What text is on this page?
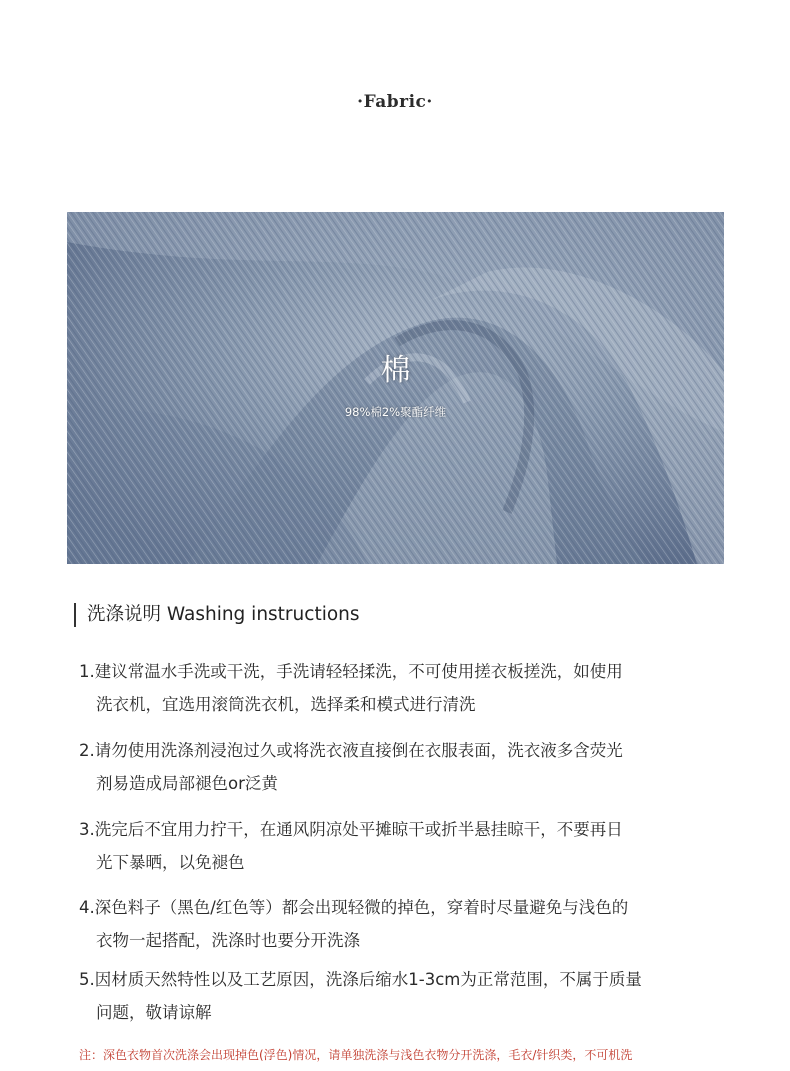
·Fabric·
棉
98%棉2%聚酯纤维
洗涤说明 Washing instructions
1.建议常温水手洗或干洗，手洗请轻轻揉洗，不可使用搓衣板搓洗，如使用
洗衣机，宜选用滚筒洗衣机，选择柔和模式进行清洗
2.请勿使用洗涤剂浸泡过久或将洗衣液直接倒在衣服表面，洗衣液多含荧光
剂易造成局部褪色or泛黄
3.洗完后不宜用力拧干，在通风阴凉处平摊晾干或折半悬挂晾干，不要再日
光下暴晒，以免褪色
4.深色料子（黑色/红色等）都会出现轻微的掉色，穿着时尽量避免与浅色的
衣物一起搭配，洗涤时也要分开洗涤
5.因材质天然特性以及工艺原因，洗涤后缩水1-3cm为正常范围，不属于质量
问题，敬请谅解
注：深色衣物首次洗涤会出现掉色(浮色)情况，请单独洗涤与浅色衣物分开洗涤，毛衣/针织类，不可机洗
